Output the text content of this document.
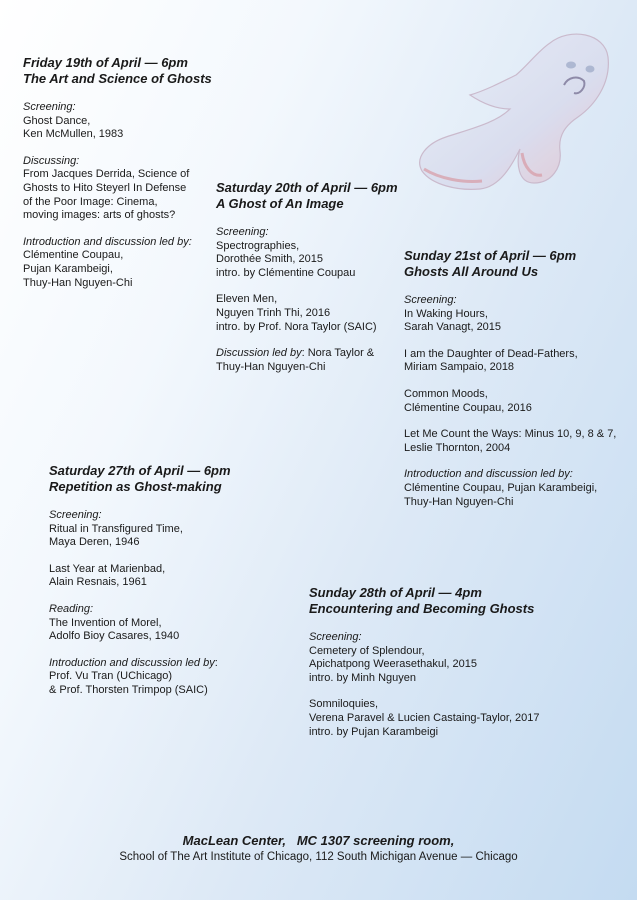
Friday 19th of April — 6pm
The Art and Science of Ghosts
Screening:
Ghost Dance,
Ken McMullen, 1983
Discussing:
From Jacques Derrida, Science of
Ghosts to Hito Steyerl In Defense
of the Poor Image: Cinema,
moving images: arts of ghosts?
Introduction and discussion led by:
Clémentine Coupau,
Pujan Karambeigi,
Thuy-Han Nguyen-Chi
Saturday 20th of April — 6pm
A Ghost of An Image
Screening:
Spectrographies,
Dorothée Smith, 2015
intro. by Clémentine Coupau
Eleven Men,
Nguyen Trinh Thi, 2016
intro. by Prof. Nora Taylor (SAIC)
Discussion led by: Nora Taylor &
Thuy-Han Nguyen-Chi
Sunday 21st of April — 6pm
Ghosts All Around Us
Screening:
In Waking Hours,
Sarah Vanagt, 2015
I am the Daughter of Dead-Fathers,
Miriam Sampaio, 2018
Common Moods,
Clémentine Coupau, 2016
Let Me Count the Ways: Minus 10, 9, 8 & 7,
Leslie Thornton, 2004
Introduction and discussion led by:
Clémentine Coupau, Pujan Karambeigi,
Thuy-Han Nguyen-Chi
Saturday 27th of April — 6pm
Repetition as Ghost-making
Screening:
Ritual in Transfigured Time,
Maya Deren, 1946
Last Year at Marienbad,
Alain Resnais, 1961
Reading:
The Invention of Morel,
Adolfo Bioy Casares, 1940
Introduction and discussion led by:
Prof. Vu Tran (UChicago)
& Prof. Thorsten Trimpop (SAIC)
Sunday 28th of April — 4pm
Encountering and Becoming Ghosts
Screening:
Cemetery of Splendour,
Apichatpong Weerasethakul, 2015
intro. by Minh Nguyen
Somniloquies,
Verena Paravel & Lucien Castaing-Taylor, 2017
intro. by Pujan Karambeigi
MacLean Center,   MC 1307 screening room,
School of The Art Institute of Chicago, 112 South Michigan Avenue — Chicago
